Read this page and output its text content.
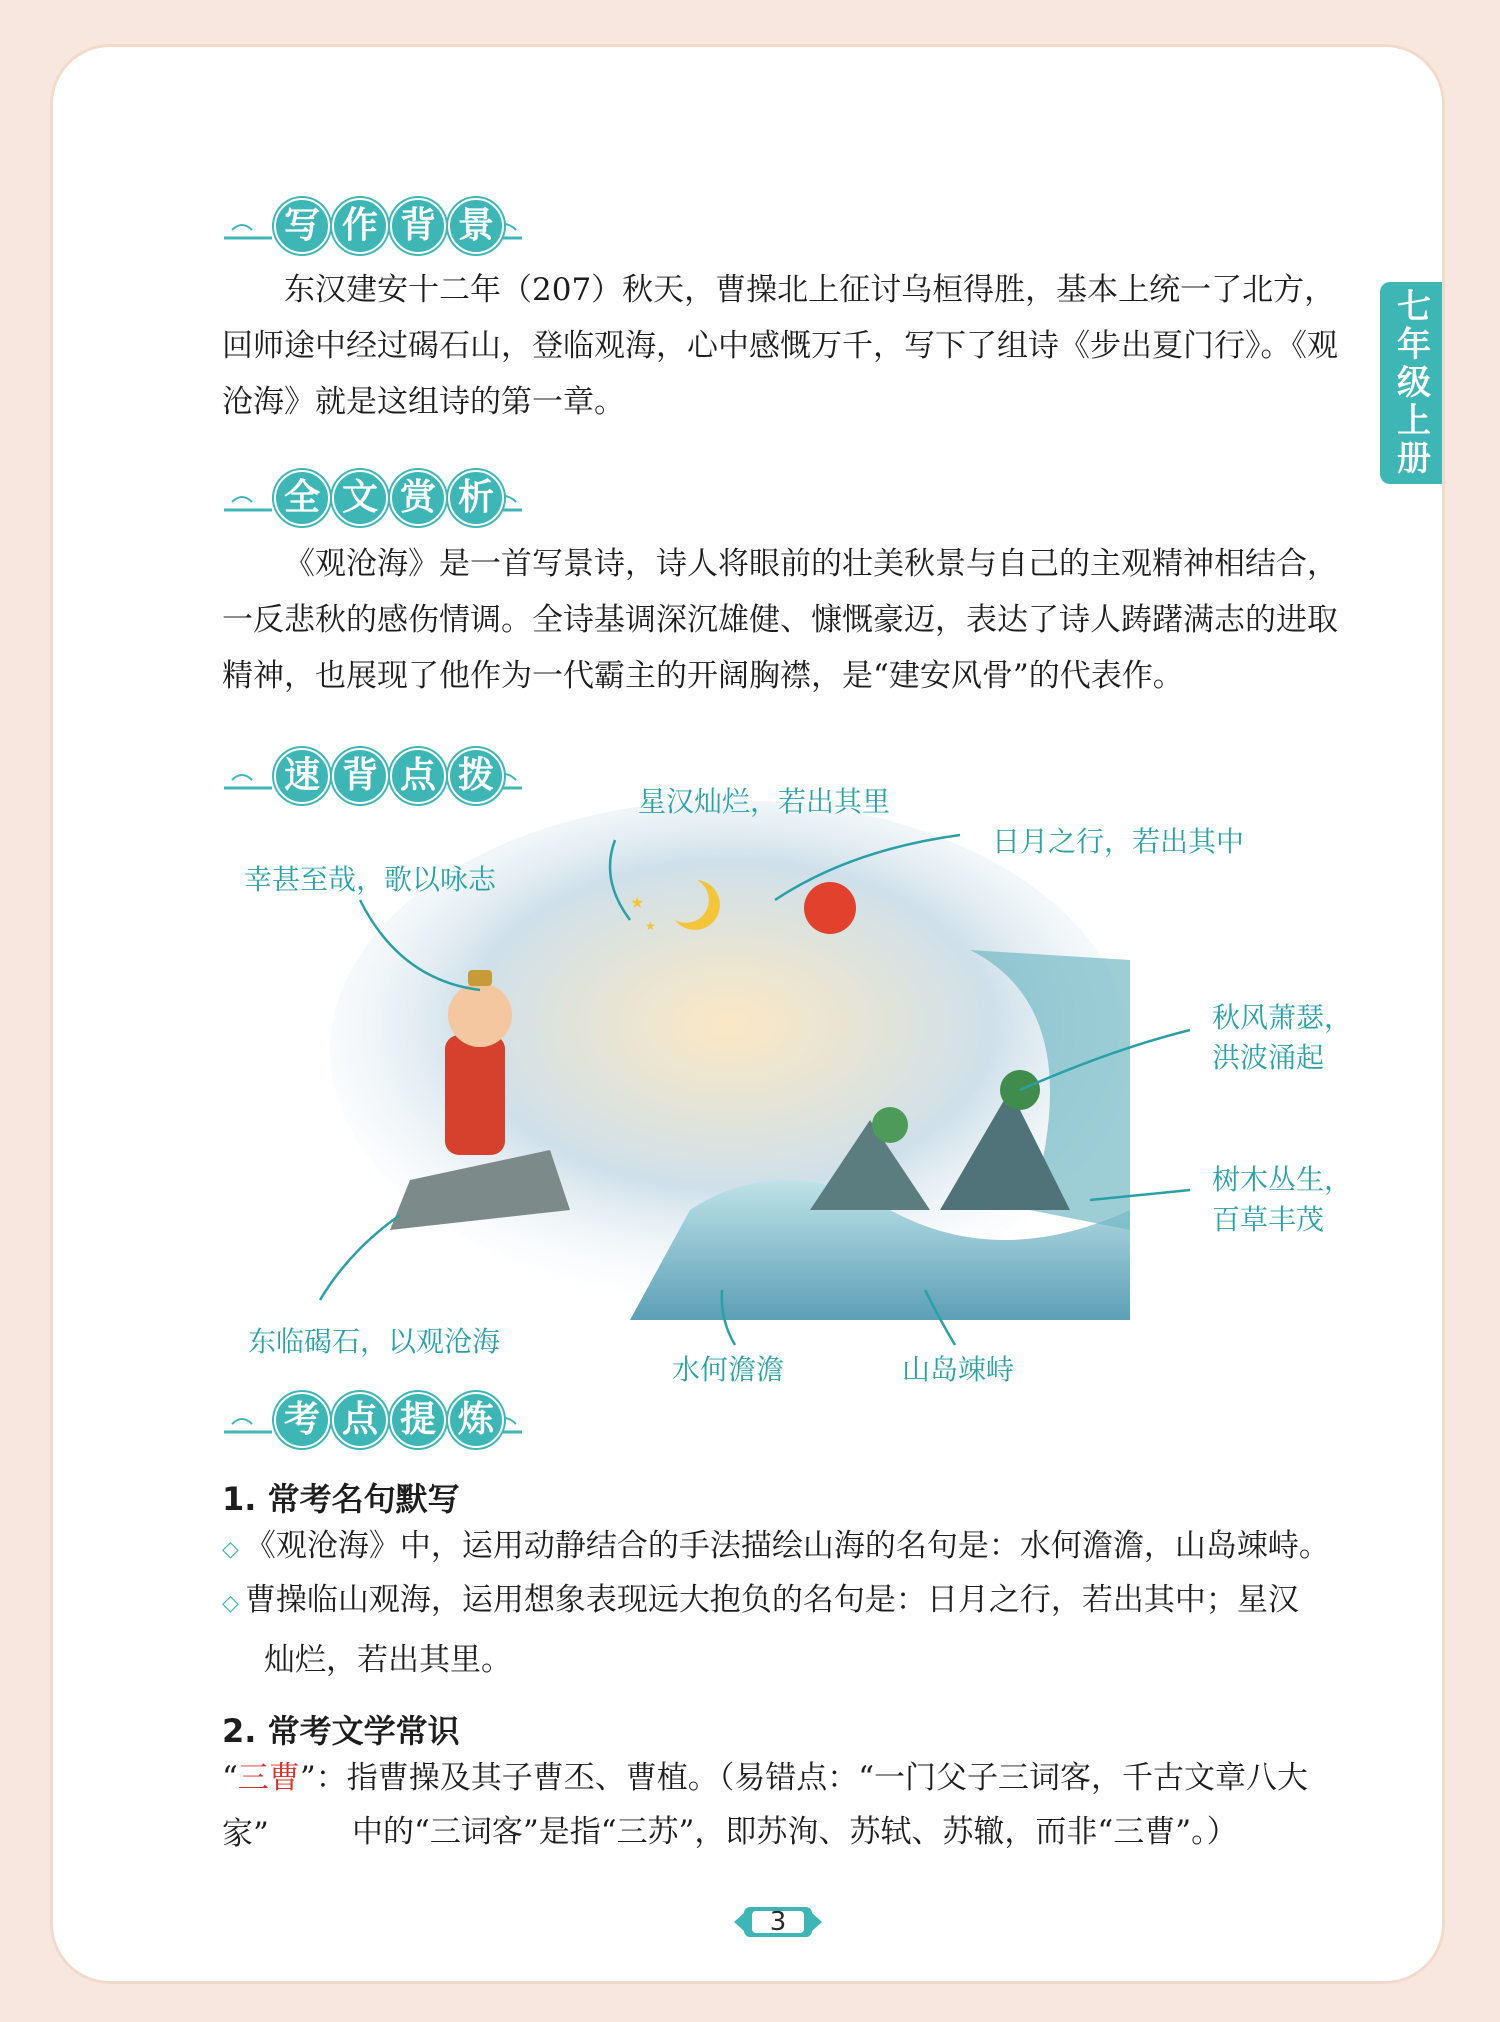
七年级上册
写 作 背 景

东汉建安十二年（207）秋天，曹操北上征讨乌桓得胜，基本上统一了北方，回师途中经过碣石山，登临观海，心中感慨万千，写下了组诗《步出夏门行》。《观沧海》就是这组诗的第一章。

全 文 赏 析

《观沧海》是一首写景诗，诗人将眼前的壮美秋景与自己的主观精神相结合，一反悲秋的感伤情调。全诗基调深沉雄健、慷慨豪迈，表达了诗人踌躇满志的进取精神，也展现了他作为一代霸主的开阔胸襟，是“建安风骨”的代表作。

速 背 点 拨
★
★
星汉灿烂，若出其里
日月之行，若出其中
幸甚至哉，歌以咏志
秋风萧瑟，
洪波涌起
树木丛生，
百草丰茂
东临碣石，以观沧海
水何澹澹	山岛竦峙
考 点 提 炼
1. 常考名句默写
◇ 《观沧海》中，运用动静结合的手法描绘山海的名句是：水何澹澹，山岛竦峙。
◇ 曹操临山观海，运用想象表现远大抱负的名句是：日月之行，若出其中；星汉
灿烂，若出其里。
2. 常考文学常识
“三曹”：指曹操及其子曹丕、曹植。（易错点：“一门父子三词客，千古文章八大家”	中的“三词客”是指“三苏”，即苏洵、苏轼、苏辙，而非“三曹”。）
3
